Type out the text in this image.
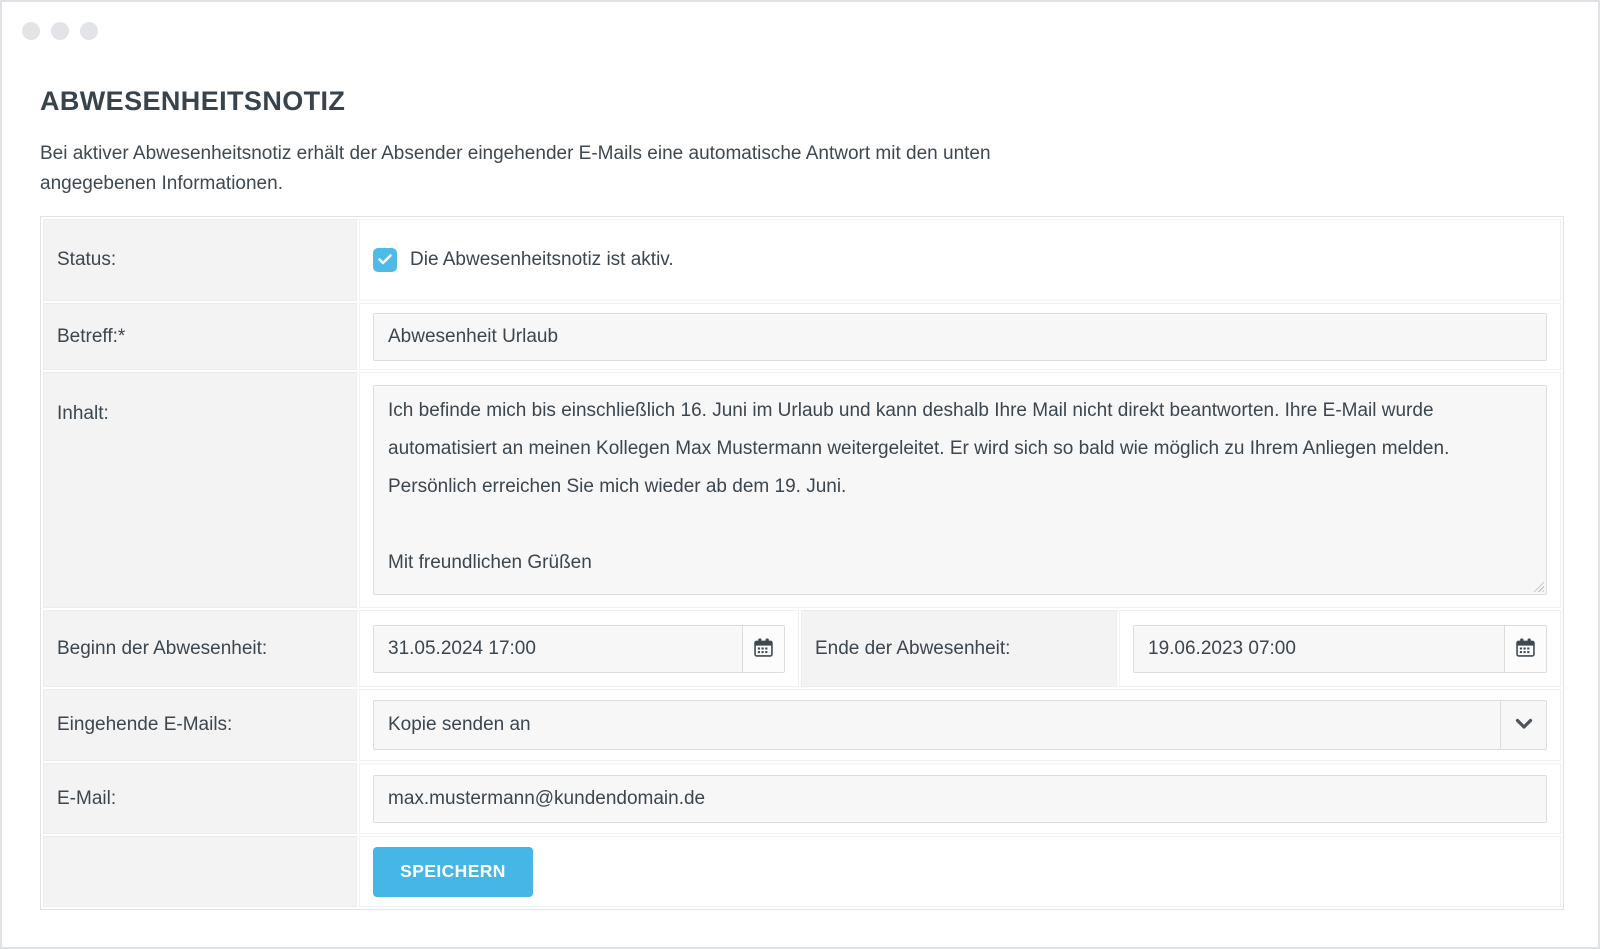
ABWESENHEITSNOTIZ

Bei aktiver Abwesenheitsnotiz erhält der Absender eingehender E-Mails eine automatische Antwort mit den unten angegebenen Informationen.

Status:	Die Abwesenheitsnotiz ist aktiv.		

Betreff:*	
Abwesenheit Urlaub
Inhalt:	
Ich befinde mich bis einschließlich 16. Juni im Urlaub und kann deshalb Ihre Mail nicht direkt beantworten. Ihre E-Mail wurde automatisiert an meinen Kollegen Max Mustermann weitergeleitet. Er wird sich so bald wie möglich zu Ihrem Anliegen melden. Persönlich erreichen Sie mich wieder ab dem 19. Juni. Mit freundlichen Grüßen

Beginn der Abwesenheit:	31.05.2024 17:00	Ende der Abwesenheit:	19.06.2023 07:00

Eingehende E-Mails:	Kopie senden an		

E-Mail:	
max.mustermann@kundendomain.de

	SPEICHERN		
